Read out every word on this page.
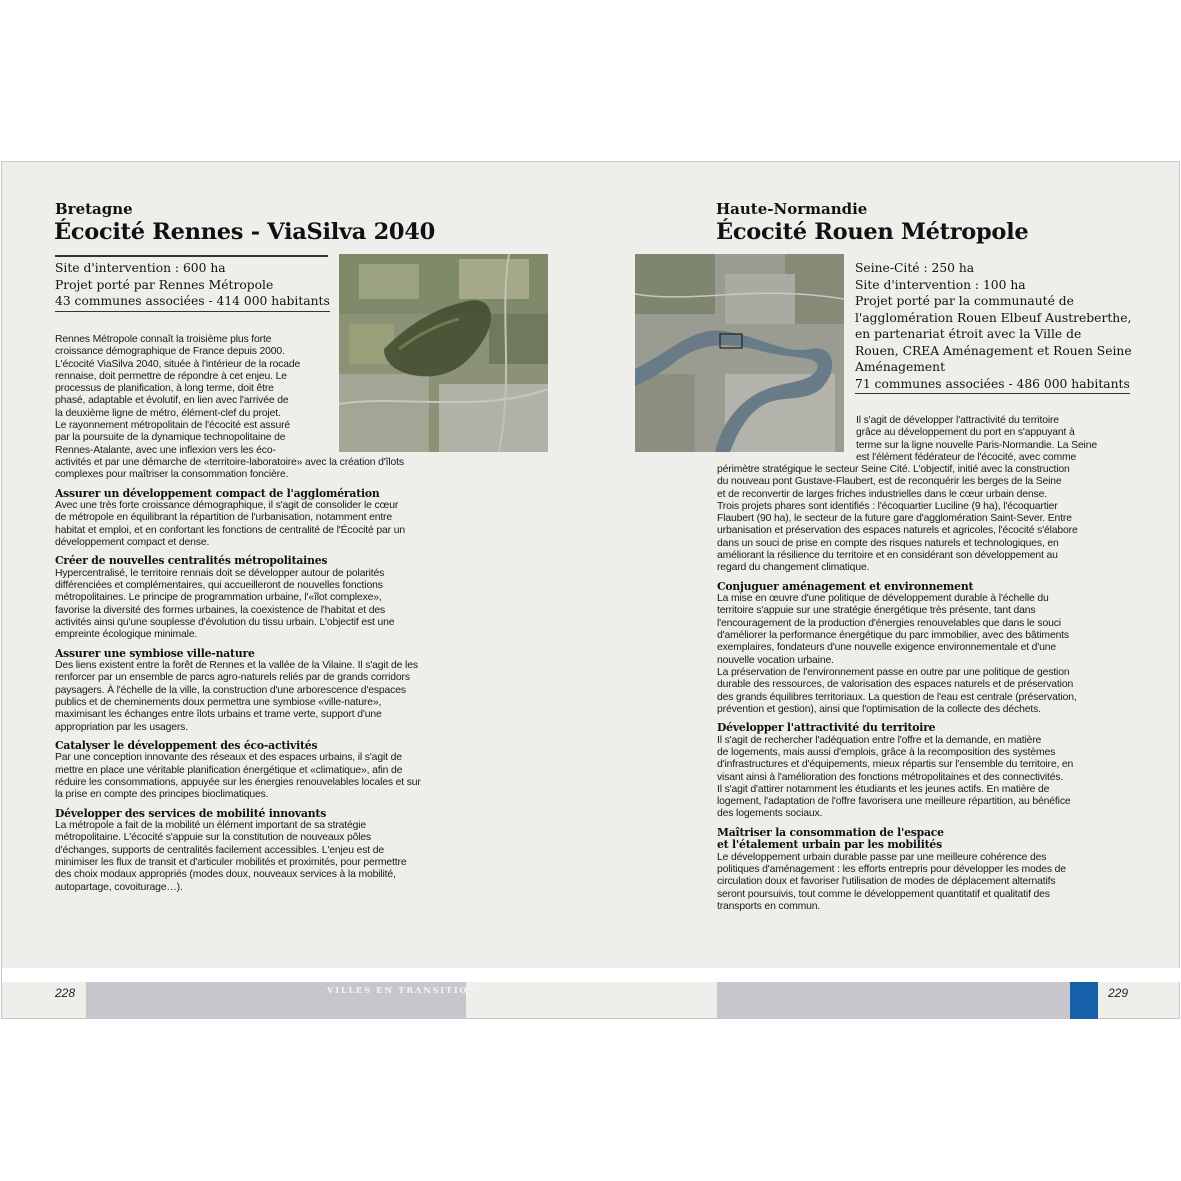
Bretagne
Écocité Rennes - ViaSilva 2040
Site d'intervention : 600 ha
Projet porté par Rennes Métropole
43 communes associées - 414 000 habitants

Rennes Métropole connaît la troisième plus forte

croissance démographique de France depuis 2000.

L'écocité ViaSilva 2040, située à l'intérieur de la rocade

rennaise, doit permettre de répondre à cet enjeu. Le

processus de planification, à long terme, doit être

phasé, adaptable et évolutif, en lien avec l'arrivée de

la deuxième ligne de métro, élément-clef du projet.

Le rayonnement métropolitain de l'écocité est assuré

par la poursuite de la dynamique technopolitaine de

Rennes-Atalante, avec une inflexion vers les éco-

activités et par une démarche de «territoire-laboratoire» avec la création d'îlots

complexes pour maîtriser la consommation foncière.

Assurer un développement compact de l'agglomération

Avec une très forte croissance démographique, il s'agit de consolider le cœur

de métropole en équilibrant la répartition de l'urbanisation, notamment entre

habitat et emploi, et en confortant les fonctions de centralité de l'Écocité par un

développement compact et dense.

Créer de nouvelles centralités métropolitaines

Hypercentralisé, le territoire rennais doit se développer autour de polarités

différenciées et complémentaires, qui accueilleront de nouvelles fonctions

métropolitaines. Le principe de programmation urbaine, l'«îlot complexe»,

favorise la diversité des formes urbaines, la coexistence de l'habitat et des

activités ainsi qu'une souplesse d'évolution du tissu urbain. L'objectif est une

empreinte écologique minimale.

Assurer une symbiose ville-nature

Des liens existent entre la forêt de Rennes et la vallée de la Vilaine. Il s'agit de les

renforcer par un ensemble de parcs agro-naturels reliés par de grands corridors

paysagers. À l'échelle de la ville, la construction d'une arborescence d'espaces

publics et de cheminements doux permettra une symbiose «ville-nature»,

maximisant les échanges entre îlots urbains et trame verte, support d'une

appropriation par les usagers.

Catalyser le développement des éco-activités

Par une conception innovante des réseaux et des espaces urbains, il s'agit de

mettre en place une véritable planification énergétique et «climatique», afin de

réduire les consommations, appuyée sur les énergies renouvelables locales et sur

la prise en compte des principes bioclimatiques.

Développer des services de mobilité innovants

La métropole a fait de la mobilité un élément important de sa stratégie

métropolitaine. L'écocité s'appuie sur la constitution de nouveaux pôles

d'échanges, supports de centralités facilement accessibles. L'enjeu est de

minimiser les flux de transit et d'articuler mobilités et proximités, pour permettre

des choix modaux appropriés (modes doux, nouveaux services à la mobilité,

autopartage, covoiturage…).

228	VILLES EN TRANSITION
Haute-Normandie
Écocité Rouen Métropole
Seine-Cité : 250 ha
Site d'intervention : 100 ha
Projet porté par la communauté de
l'agglomération Rouen Elbeuf Austreberthe,
en partenariat étroit avec la Ville de
Rouen, CREA Aménagement et Rouen Seine
Aménagement
71 communes associées - 486 000 habitants

Il s'agit de développer l'attractivité du territoire

grâce au développement du port en s'appuyant à

terme sur la ligne nouvelle Paris-Normandie. La Seine

est l'élément fédérateur de l'écocité, avec comme

périmètre stratégique le secteur Seine Cité. L'objectif, initié avec la construction

du nouveau pont Gustave-Flaubert, est de reconquérir les berges de la Seine

et de reconvertir de larges friches industrielles dans le cœur urbain dense.

Trois projets phares sont identifiés : l'écoquartier Luciline (9 ha), l'écoquartier

Flaubert (90 ha), le secteur de la future gare d'agglomération Saint-Sever. Entre

urbanisation et préservation des espaces naturels et agricoles, l'écocité s'élabore

dans un souci de prise en compte des risques naturels et technologiques, en

améliorant la résilience du territoire et en considérant son développement au

regard du changement climatique.

Conjuguer aménagement et environnement

La mise en œuvre d'une politique de développement durable à l'échelle du

territoire s'appuie sur une stratégie énergétique très présente, tant dans

l'encouragement de la production d'énergies renouvelables que dans le souci

d'améliorer la performance énergétique du parc immobilier, avec des bâtiments

exemplaires, fondateurs d'une nouvelle exigence environnementale et d'une

nouvelle vocation urbaine.

La préservation de l'environnement passe en outre par une politique de gestion

durable des ressources, de valorisation des espaces naturels et de préservation

des grands équilibres territoriaux. La question de l'eau est centrale (préservation,

prévention et gestion), ainsi que l'optimisation de la collecte des déchets.

Développer l'attractivité du territoire

Il s'agit de rechercher l'adéquation entre l'offre et la demande, en matière

de logements, mais aussi d'emplois, grâce à la recomposition des systèmes

d'infrastructures et d'équipements, mieux répartis sur l'ensemble du territoire, en

visant ainsi à l'amélioration des fonctions métropolitaines et des connectivités.

Il s'agit d'attirer notamment les étudiants et les jeunes actifs. En matière de

logement, l'adaptation de l'offre favorisera une meilleure répartition, au bénéfice

des logements sociaux.

Maîtriser la consommation de l'espace
et l'étalement urbain par les mobilités

Le développement urbain durable passe par une meilleure cohérence des

politiques d'aménagement : les efforts entrepris pour développer les modes de

circulation doux et favoriser l'utilisation de modes de déplacement alternatifs

seront poursuivis, tout comme le développement quantitatif et qualitatif des

transports en commun.

229
